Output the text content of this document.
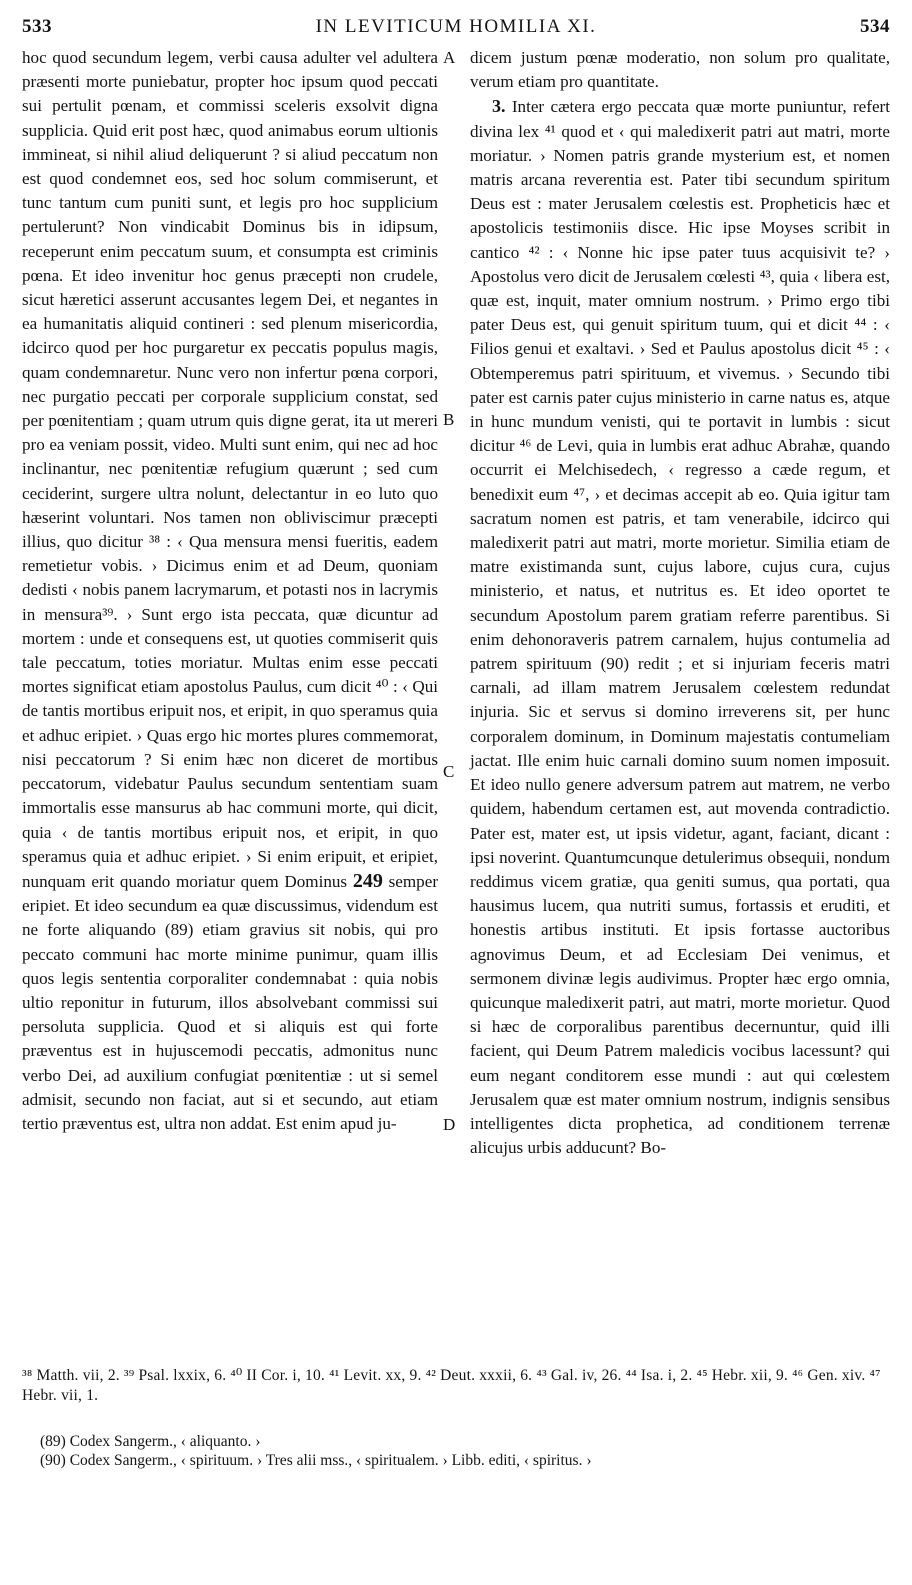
533	IN LEVITICUM HOMILIA XI.	534
A
B
C
D

hoc quod secundum legem, verbi causa adulter vel adultera præsenti morte puniebatur, propter hoc ipsum quod peccati sui pertulit pœnam, et commissi sceleris exsolvit digna supplicia. Quid erit post hæc, quod animabus eorum ultionis immineat, si nihil aliud deliquerunt ? si aliud peccatum non est quod condemnet eos, sed hoc solum commiserunt, et tunc tantum cum puniti sunt, et legis pro hoc supplicium pertulerunt? Non vindicabit Dominus bis in idipsum, receperunt enim peccatum suum, et consumpta est criminis pœna. Et ideo invenitur hoc genus præcepti non crudele, sicut hæretici asserunt accusantes legem Dei, et negantes in ea humanitatis aliquid contineri : sed plenum misericordia, idcirco quod per hoc purgaretur ex peccatis populus magis, quam condemnaretur. Nunc vero non infertur pœna corpori, nec purgatio peccati per corporale supplicium constat, sed per pœnitentiam ; quam utrum quis digne gerat, ita ut mereri pro ea veniam possit, video. Multi sunt enim, qui nec ad hoc inclinantur, nec pœnitentiæ refugium quærunt ; sed cum ceciderint, surgere ultra nolunt, delectantur in eo luto quo hæserint voluntari. Nos tamen non obliviscimur præcepti illius, quo dicitur ³⁸ : ‹ Qua mensura mensi fueritis, eadem remetietur vobis. › Dicimus enim et ad Deum, quoniam dedisti ‹ nobis panem lacrymarum, et potasti nos in lacrymis in mensura³⁹. › Sunt ergo ista peccata, quæ dicuntur ad mortem : unde et consequens est, ut quoties commiserit quis tale peccatum, toties moriatur. Multas enim esse peccati mortes significat etiam apostolus Paulus, cum dicit ⁴⁰ : ‹ Qui de tantis mortibus eripuit nos, et eripit, in quo speramus quia et adhuc eripiet. › Quas ergo hic mortes plures commemorat, nisi peccatorum ? Si enim hæc non diceret de mortibus peccatorum, videbatur Paulus secundum sententiam suam immortalis esse mansurus ab hac communi morte, qui dicit, quia ‹ de tantis mortibus eripuit nos, et eripit, in quo speramus quia et adhuc eripiet. › Si enim eripuit, et eripiet, nunquam erit quando moriatur quem Dominus 249 semper eripiet. Et ideo secundum ea quæ discussimus, videndum est ne forte aliquando (89) etiam gravius sit nobis, qui pro peccato communi hac morte minime punimur, quam illis quos legis sententia corporaliter condemnabat : quia nobis ultio reponitur in futurum, illos absolvebant commissi sui persoluta supplicia. Quod et si aliquis est qui forte præventus est in hujuscemodi peccatis, admonitus nunc verbo Dei, ad auxilium confugiat pœnitentiæ : ut si semel admisit, secundo non faciat, aut si et secundo, aut etiam tertio præventus est, ultra non addat. Est enim apud ju-

dicem justum pœnæ moderatio, non solum pro qualitate, verum etiam pro quantitate.

3. Inter cætera ergo peccata quæ morte puniuntur, refert divina lex ⁴¹ quod et ‹ qui maledixerit patri aut matri, morte moriatur. › Nomen patris grande mysterium est, et nomen matris arcana reverentia est. Pater tibi secundum spiritum Deus est : mater Jerusalem cœlestis est. Propheticis hæc et apostolicis testimoniis disce. Hic ipse Moyses scribit in cantico ⁴² : ‹ Nonne hic ipse pater tuus acquisivit te? › Apostolus vero dicit de Jerusalem cœlesti ⁴³, quia ‹ libera est, quæ est, inquit, mater omnium nostrum. › Primo ergo tibi pater Deus est, qui genuit spiritum tuum, qui et dicit ⁴⁴ : ‹ Filios genui et exaltavi. › Sed et Paulus apostolus dicit ⁴⁵ : ‹ Obtemperemus patri spirituum, et vivemus. › Secundo tibi pater est carnis pater cujus ministerio in carne natus es, atque in hunc mundum venisti, qui te portavit in lumbis : sicut dicitur ⁴⁶ de Levi, quia in lumbis erat adhuc Abrahæ, quando occurrit ei Melchisedech, ‹ regresso a cæde regum, et benedixit eum ⁴⁷, › et decimas accepit ab eo. Quia igitur tam sacratum nomen est patris, et tam venerabile, idcirco qui maledixerit patri aut matri, morte morietur. Similia etiam de matre existimanda sunt, cujus labore, cujus cura, cujus ministerio, et natus, et nutritus es. Et ideo oportet te secundum Apostolum parem gratiam referre parentibus. Si enim dehonoraveris patrem carnalem, hujus contumelia ad patrem spirituum (90) redit ; et si injuriam feceris matri carnali, ad illam matrem Jerusalem cœlestem redundat injuria. Sic et servus si domino irreverens sit, per hunc corporalem dominum, in Dominum majestatis contumeliam jactat. Ille enim huic carnali domino suum nomen imposuit. Et ideo nullo genere adversum patrem aut matrem, ne verbo quidem, habendum certamen est, aut movenda contradictio. Pater est, mater est, ut ipsis videtur, agant, faciant, dicant : ipsi noverint. Quantumcunque detulerimus obsequii, nondum reddimus vicem gratiæ, qua geniti sumus, qua portati, qua hausimus lucem, qua nutriti sumus, fortassis et eruditi, et honestis artibus instituti. Et ipsis fortasse auctoribus agnovimus Deum, et ad Ecclesiam Dei venimus, et sermonem divinæ legis audivimus. Propter hæc ergo omnia, quicunque maledixerit patri, aut matri, morte morietur. Quod si hæc de corporalibus parentibus decernuntur, quid illi facient, qui Deum Patrem maledicis vocibus lacessunt? qui eum negant conditorem esse mundi : aut qui cœlestem Jerusalem quæ est mater omnium nostrum, indignis sensibus intelligentes dicta prophetica, ad conditionem terrenæ alicujus urbis adducunt? Bo-

³⁸ Matth. vii, 2. ³⁹ Psal. lxxix, 6. ⁴⁰ II Cor. i, 10. ⁴¹ Levit. xx, 9. ⁴² Deut. xxxii, 6. ⁴³ Gal. iv, 26. ⁴⁴ Isa. i, 2. ⁴⁵ Hebr. xii, 9. ⁴⁶ Gen. xiv. ⁴⁷ Hebr. vii, 1.
(89) Codex Sangerm., ‹ aliquanto. ›
(90) Codex Sangerm., ‹ spirituum. › Tres alii mss., ‹ spiritualem. › Libb. editi, ‹ spiritus. ›
